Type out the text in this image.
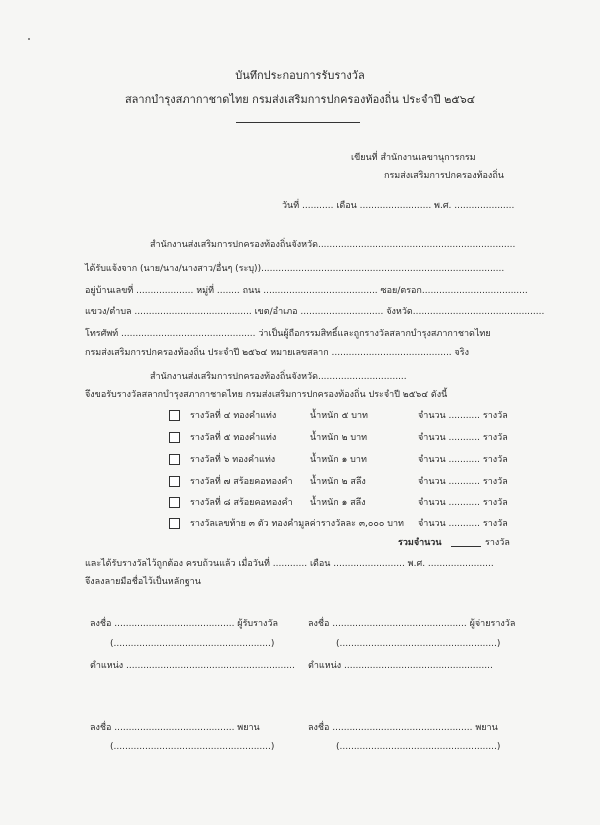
บันทึกประกอบการรับรางวัล
สลากบำรุงสภากาชาดไทย กรมส่งเสริมการปกครองท้องถิ่น ประจำปี ๒๕๖๔
เขียนที่ สำนักงานเลขานุการกรม
กรมส่งเสริมการปกครองท้องถิ่น
วันที่ ........... เดือน ......................... พ.ศ. .....................
สำนักงานส่งเสริมการปกครองท้องถิ่นจังหวัด.....................................................................
ได้รับแจ้งจาก (นาย/นาง/นางสาว/อื่นๆ (ระบุ)).....................................................................................
อยู่บ้านเลขที่ .................... หมู่ที่ ........ ถนน ........................................ ซอย/ตรอก.....................................
แขวง/ตำบล ......................................... เขต/อำเภอ ............................. จังหวัด..............................................
โทรศัพท์ ............................................... ว่าเป็นผู้ถือกรรมสิทธิ์และถูกรางวัลสลากบำรุงสภากาชาดไทย
กรมส่งเสริมการปกครองท้องถิ่น ประจำปี ๒๕๖๔ หมายเลขสลาก .......................................... จริง
สำนักงานส่งเสริมการปกครองท้องถิ่นจังหวัด...............................
จึงขอรับรางวัลสลากบำรุงสภากาชาดไทย กรมส่งเสริมการปกครองท้องถิ่น ประจำปี ๒๕๖๔ ดังนี้
รางวัลที่ ๔ ทองคำแท่ง	น้ำหนัก ๕ บาท	จำนวน ........... รางวัล
รางวัลที่ ๕ ทองคำแท่ง	น้ำหนัก ๒ บาท	จำนวน ........... รางวัล
รางวัลที่ ๖ ทองคำแท่ง	น้ำหนัก ๑ บาท	จำนวน ........... รางวัล
รางวัลที่ ๗ สร้อยคอทองคำ น้ำหนัก ๒ สลึง	จำนวน ........... รางวัล
รางวัลที่ ๘ สร้อยคอทองคำ น้ำหนัก ๑ สลึง	จำนวน ........... รางวัล
รางวัลเลขท้าย ๓ ตัว ทองคำมูลค่ารางวัลละ ๓,๐๐๐ บาท จำนวน ........... รางวัล
รวมจำนวน	รางวัล
และได้รับรางวัลไว้ถูกต้อง ครบถ้วนแล้ว เมื่อวันที่ ............ เดือน ......................... พ.ศ. .......................
จึงลงลายมือชื่อไว้เป็นหลักฐาน
ลงชื่อ .......................................... ผู้รับรางวัล	ลงชื่อ ............................................... ผู้จ่ายรางวัล
(.......................................................)	(.......................................................)
ตำแหน่ง ........................................................... ตำแหน่ง ....................................................
ลงชื่อ .......................................... พยาน	ลงชื่อ ................................................. พยาน
(.......................................................)	(.......................................................)
